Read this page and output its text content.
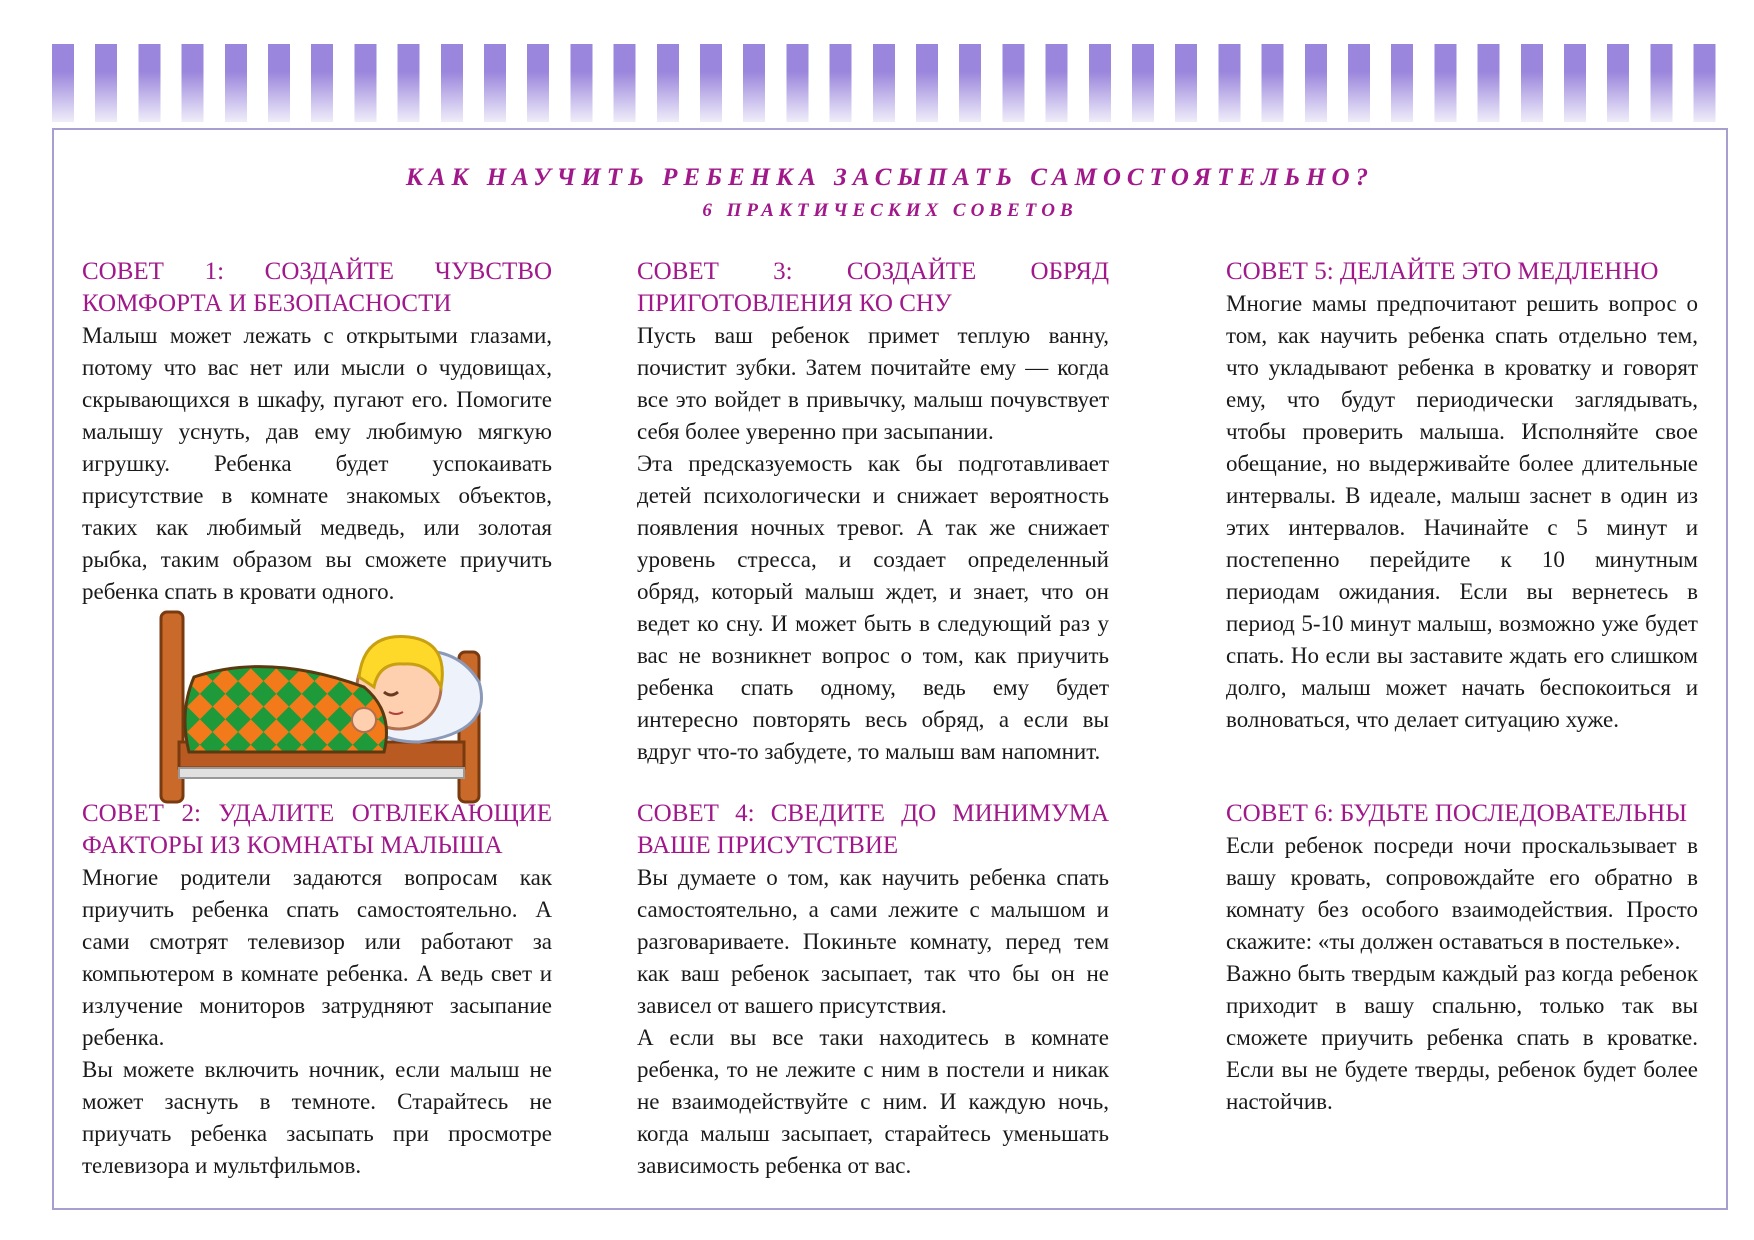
КАК НАУЧИТЬ РЕБЕНКА ЗАСЫПАТЬ САМОСТОЯТЕЛЬНО?
6 ПРАКТИЧЕСКИХ СОВЕТОВ
СОВЕТ 1: СОЗДАЙТЕ ЧУВСТВО КОМФОРТА И БЕЗОПАСНОСТИ

Малыш может лежать с открытыми глазами, потому что вас нет или мысли о чудовищах, скрывающихся в шкафу, пугают его. Помогите малышу уснуть, дав ему любимую мягкую игрушку. Ребенка будет успокаивать присутствие в комнате знакомых объектов, таких как любимый медведь, или золотая рыбка, таким образом вы сможете приучить ребенка спать в кровати одного.

СОВЕТ 2: УДАЛИТЕ ОТВЛЕКАЮЩИЕ ФАКТОРЫ ИЗ КОМНАТЫ МАЛЫША

Многие родители задаются вопросам как приучить ребенка спать самостоятельно. А сами смотрят телевизор или работают за компьютером в комнате ребенка. А ведь свет и излучение мониторов затрудняют засыпание ребенка.

Вы можете включить ночник, если малыш не может заснуть в темноте. Старайтесь не приучать ребенка засыпать при просмотре телевизора и мультфильмов.

СОВЕТ 3: СОЗДАЙТЕ ОБРЯД ПРИГОТОВЛЕНИЯ КО СНУ

Пусть ваш ребенок примет теплую ванну, почистит зубки. Затем почитайте ему — когда все это войдет в привычку, малыш почувствует себя более уверенно при засыпании.

Эта предсказуемость как бы подготавливает детей психологически и снижает вероятность появления ночных тревог. А так же снижает уровень стресса, и создает определенный обряд, который малыш ждет, и знает, что он ведет ко сну. И может быть в следующий раз у вас не возникнет вопрос о том, как приучить ребенка спать одному, ведь ему будет интересно повторять весь обряд, а если вы вдруг что-то забудете, то малыш вам напомнит.

СОВЕТ 4: СВЕДИТЕ ДО МИНИМУМА ВАШЕ ПРИСУТСТВИЕ

Вы думаете о том, как научить ребенка спать самостоятельно, а сами лежите с малышом и разговариваете. Покиньте комнату, перед тем как ваш ребенок засыпает, так что бы он не зависел от вашего присутствия.

А если вы все таки находитесь в комнате ребенка, то не лежите с ним в постели и никак не взаимодействуйте с ним. И каждую ночь, когда малыш засыпает, старайтесь уменьшать зависимость ребенка от вас.

СОВЕТ 5: ДЕЛАЙТЕ ЭТО МЕДЛЕННО

Многие мамы предпочитают решить вопрос о том, как научить ребенка спать отдельно тем, что укладывают ребенка в кроватку и говорят ему, что будут периодически заглядывать, чтобы проверить малыша. Исполняйте свое обещание, но выдерживайте более длительные интервалы. В идеале, малыш заснет в один из этих интервалов. Начинайте с 5 минут и постепенно перейдите к 10 минутным периодам ожидания. Если вы вернетесь в период 5-10 минут малыш, возможно уже будет спать. Но если вы заставите ждать его слишком долго, малыш может начать беспокоиться и волноваться, что делает ситуацию хуже.

СОВЕТ 6: БУДЬТЕ ПОСЛЕДОВАТЕЛЬНЫ

Если ребенок посреди ночи проскальзывает в вашу кровать, сопровождайте его обратно в комнату без особого взаимодействия. Просто скажите: «ты должен оставаться в постельке».

Важно быть твердым каждый раз когда ребенок приходит в вашу спальню, только так вы сможете приучить ребенка спать в кроватке. Если вы не будете тверды, ребенок будет более настойчив.
